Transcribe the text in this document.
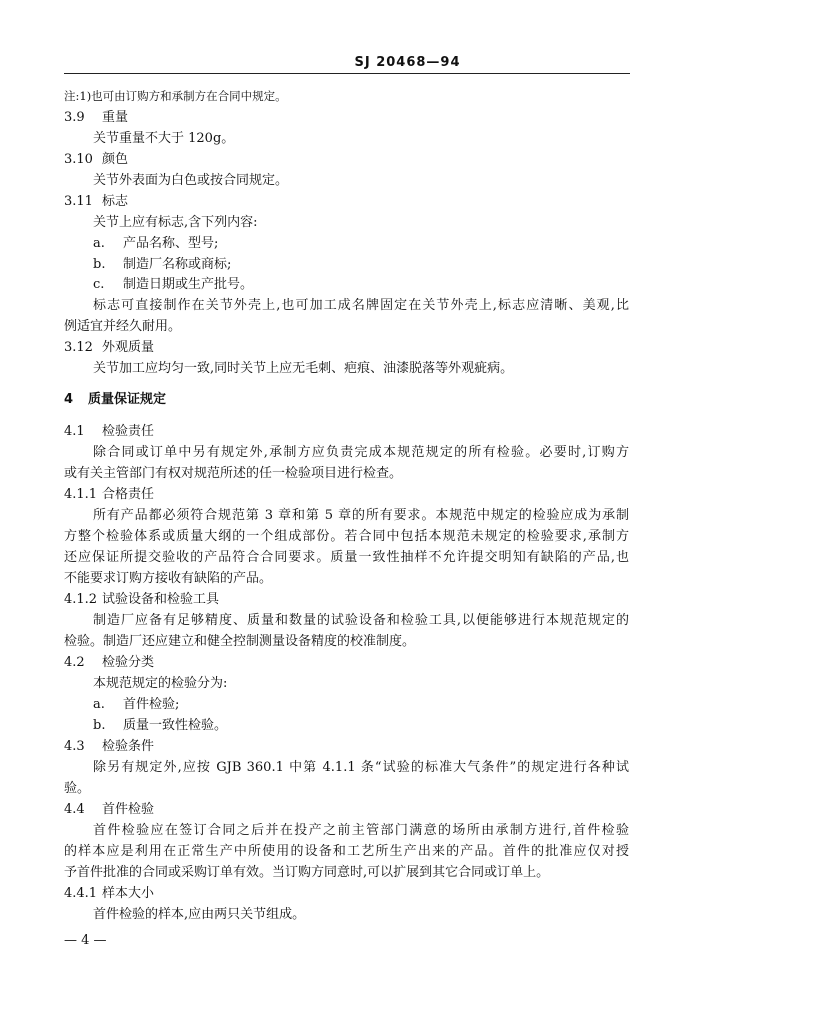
SJ 20468—94
注:1)也可由订购方和承制方在合同中规定。
3.9 重量
关节重量不大于 120g。
3.10 颜色
关节外表面为白色或按合同规定。
3.11 标志
关节上应有标志,含下列内容:
a. 产品名称、型号;
b. 制造厂名称或商标;
c. 制造日期或生产批号。
标志可直接制作在关节外壳上,也可加工成名牌固定在关节外壳上,标志应清晰、美观,比
例适宜并经久耐用。
3.12 外观质量
关节加工应均匀一致,同时关节上应无毛刺、疤痕、油漆脱落等外观疵病。
4 质量保证规定
4.1 检验责任
除合同或订单中另有规定外,承制方应负责完成本规范规定的所有检验。必要时,订购方
或有关主管部门有权对规范所述的任一检验项目进行检查。
4.1.1 合格责任
所有产品都必须符合规范第 3 章和第 5 章的所有要求。本规范中规定的检验应成为承制
方整个检验体系或质量大纲的一个组成部份。若合同中包括本规范未规定的检验要求,承制方
还应保证所提交验收的产品符合合同要求。质量一致性抽样不允许提交明知有缺陷的产品,也
不能要求订购方接收有缺陷的产品。
4.1.2 试验设备和检验工具
制造厂应备有足够精度、质量和数量的试验设备和检验工具,以便能够进行本规范规定的
检验。制造厂还应建立和健全控制测量设备精度的校准制度。
4.2 检验分类
本规范规定的检验分为:
a. 首件检验;
b. 质量一致性检验。
4.3 检验条件
除另有规定外,应按 GJB 360.1 中第 4.1.1 条“试验的标准大气条件”的规定进行各种试
验。
4.4 首件检验
首件检验应在签订合同之后并在投产之前主管部门满意的场所由承制方进行,首件检验
的样本应是利用在正常生产中所使用的设备和工艺所生产出来的产品。首件的批准应仅对授
予首件批准的合同或采购订单有效。当订购方同意时,可以扩展到其它合同或订单上。
4.4.1 样本大小
首件检验的样本,应由两只关节组成。
— 4 —
